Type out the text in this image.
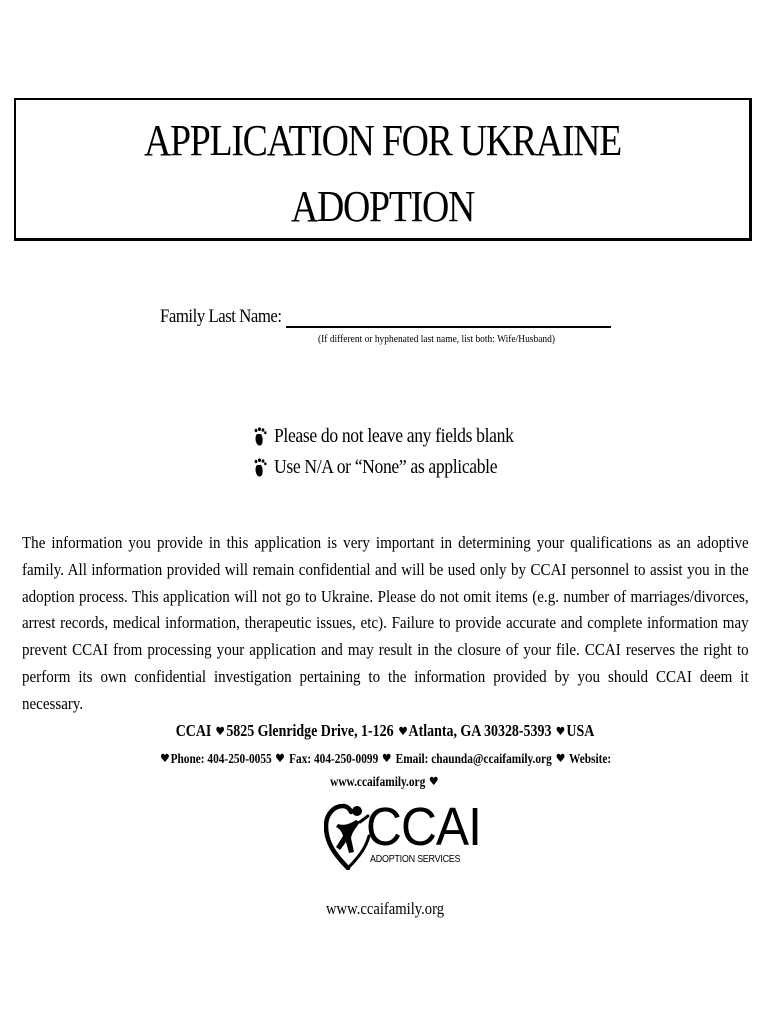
APPLICATION FOR UKRAINE
ADOPTION
Family Last Name:
(If different or hyphenated last name, list both: Wife/Husband)
Please do not leave any fields blank
Use N/A or “None” as applicable

The information you provide in this application is very important in determining your qualifications as an adoptive family. All information provided will remain confidential and will be used only by CCAI personnel to assist you in the adoption process. This application will not go to Ukraine. Please do not omit items (e.g. number of marriages/divorces, arrest records, medical information, therapeutic issues, etc). Failure to provide accurate and complete information may prevent CCAI from processing your application and may result in the closure of your file. CCAI reserves the right to perform its own confidential investigation pertaining to the information provided by you should CCAI deem it necessary.

CCAI 5825 Glenridge Drive, 1-126 Atlanta, GA 30328-5393 USA
Phone: 404-250-0055 Fax: 404-250-0099 Email: chaunda@ccaifamily.org Website:
www.ccaifamily.org
CCAI
ADOPTION SERVICES
www.ccaifamily.org
